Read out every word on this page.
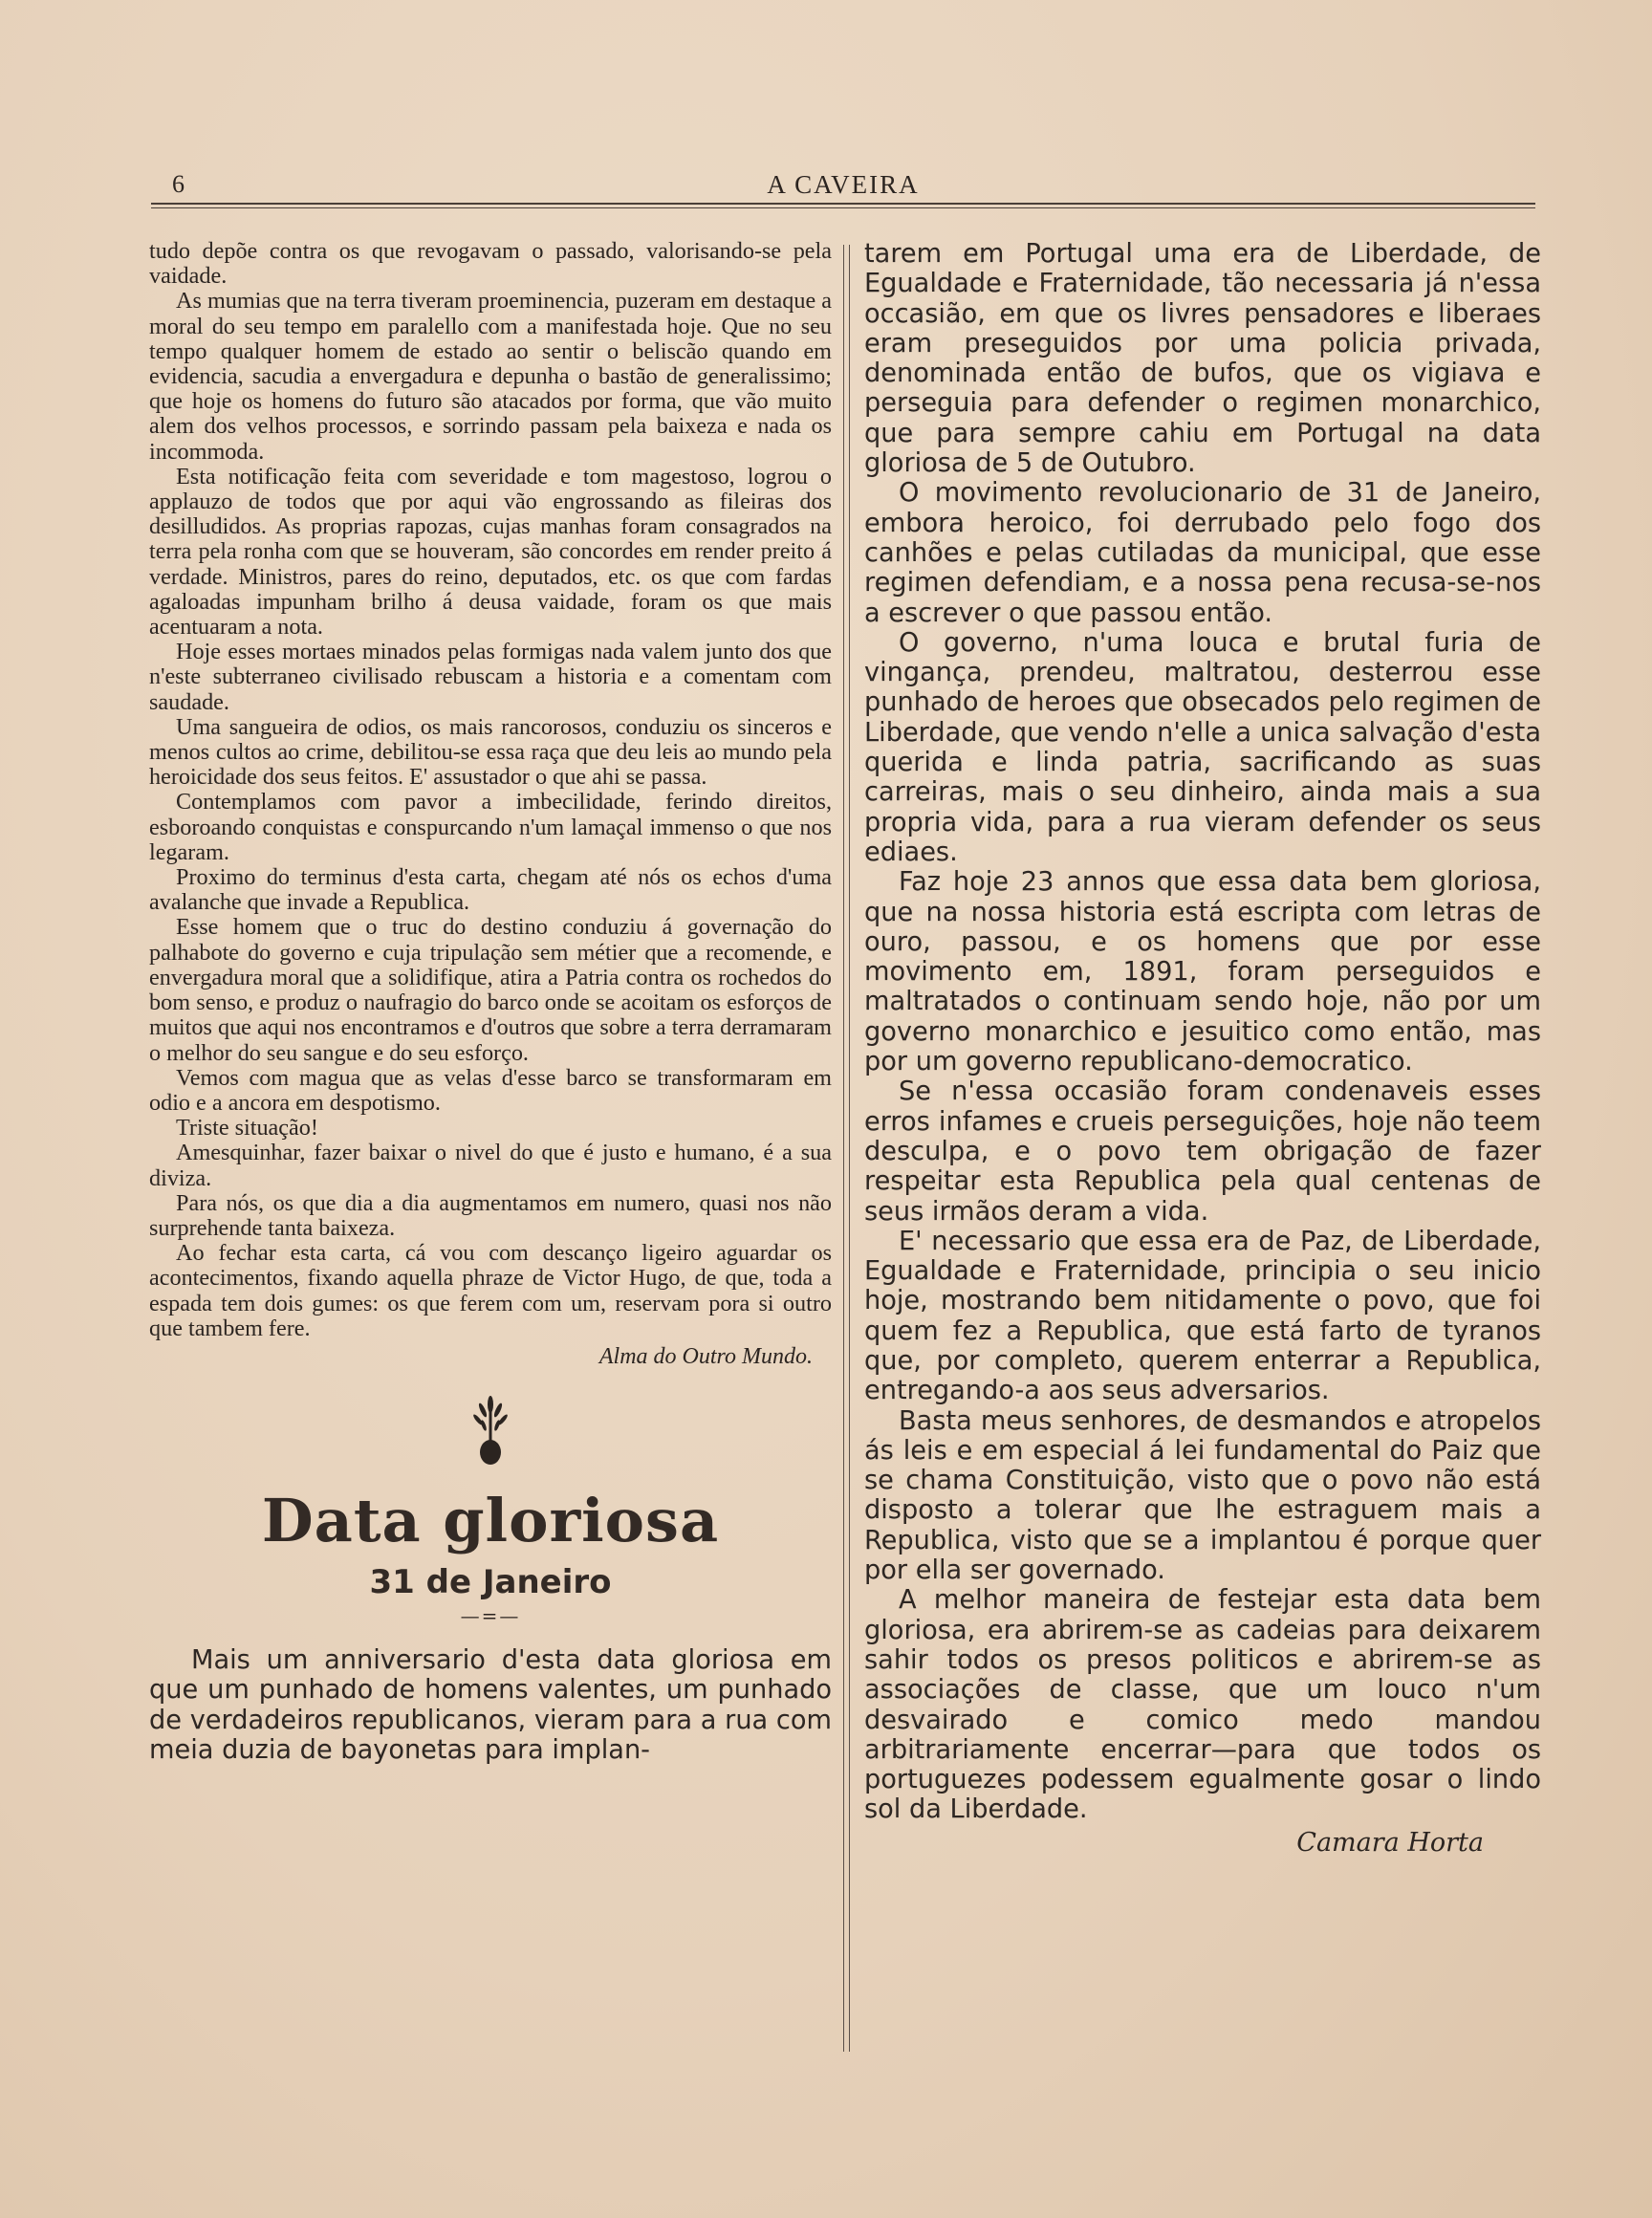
6	A CAVEIRA

tudo depõe contra os que revogavam o passado, valorisando-se pela vaidade.

As mumias que na terra tiveram proeminencia, puzeram em destaque a moral do seu tempo em paralello com a manifestada hoje. Que no seu tempo qualquer homem de estado ao sentir o beliscão quando em evidencia, sacudia a envergadura e depunha o bastão de generalissimo; que hoje os homens do futuro são atacados por forma, que vão muito alem dos velhos processos, e sorrindo passam pela baixeza e nada os incommoda.

Esta notificação feita com severidade e tom magestoso, logrou o applauzo de todos que por aqui vão engrossando as fileiras dos desilludidos. As proprias rapozas, cujas manhas foram consagrados na terra pela ronha com que se houveram, são concordes em render preito á verdade. Ministros, pares do reino, deputados, etc. os que com fardas agaloadas impunham brilho á deusa vaidade, foram os que mais acentuaram a nota.

Hoje esses mortaes minados pelas formigas nada valem junto dos que n'este subterraneo civilisado rebuscam a historia e a comentam com saudade.

Uma sangueira de odios, os mais rancorosos, conduziu os sinceros e menos cultos ao crime, debilitou-se essa raça que deu leis ao mundo pela heroicidade dos seus feitos. E' assustador o que ahi se passa.

Contemplamos com pavor a imbecilidade, ferindo direitos, esboroando conquistas e conspurcando n'um lamaçal immenso o que nos legaram.

Proximo do terminus d'esta carta, chegam até nós os echos d'uma avalanche que invade a Republica.

Esse homem que o truc do destino conduziu á governação do palhabote do governo e cuja tripulação sem métier que a recomende, e envergadura moral que a solidifique, atira a Patria contra os rochedos do bom senso, e produz o naufragio do barco onde se acoitam os esforços de muitos que aqui nos encontramos e d'outros que sobre a terra derramaram o melhor do seu sangue e do seu esforço.

Vemos com magua que as velas d'esse barco se transformaram em odio e a ancora em despotismo.

Triste situação!

Amesquinhar, fazer baixar o nivel do que é justo e humano, é a sua diviza.

Para nós, os que dia a dia augmentamos em numero, quasi nos não surprehende tanta baixeza.

Ao fechar esta carta, cá vou com descanço ligeiro aguardar os acontecimentos, fixando aquella phraze de Victor Hugo, de que, toda a espada tem dois gumes: os que ferem com um, reservam pora si outro que tambem fere.

Alma do Outro Mundo.
Data gloriosa
31 de Janeiro
—=—

Mais um anniversario d'esta data gloriosa em que um punhado de homens valentes, um punhado de verdadeiros republicanos, vieram para a rua com meia duzia de bayonetas para implan-

tarem em Portugal uma era de Liberdade, de Egualdade e Fraternidade, tão necessaria já n'essa occasião, em que os livres pensadores e liberaes eram preseguidos por uma policia privada, denominada então de bufos, que os vigiava e perseguia para defender o regimen monarchico, que para sempre cahiu em Portugal na data gloriosa de 5 de Outubro.

O movimento revolucionario de 31 de Janeiro, embora heroico, foi derrubado pelo fogo dos canhões e pelas cutiladas da municipal, que esse regimen defendiam, e a nossa pena recusa-se-nos a escrever o que passou então.

O governo, n'uma louca e brutal furia de vingança, prendeu, maltratou, desterrou esse punhado de heroes que obsecados pelo regimen de Liberdade, que vendo n'elle a unica salvação d'esta querida e linda patria, sacrificando as suas carreiras, mais o seu dinheiro, ainda mais a sua propria vida, para a rua vieram defender os seus ediaes.

Faz hoje 23 annos que essa data bem gloriosa, que na nossa historia está escripta com letras de ouro, passou, e os homens que por esse movimento em, 1891, foram perseguidos e maltratados o continuam sendo hoje, não por um governo monarchico e jesuitico como então, mas por um governo republicano-democratico.

Se n'essa occasião foram condenaveis esses erros infames e crueis perseguições, hoje não teem desculpa, e o povo tem obrigação de fazer respeitar esta Republica pela qual centenas de seus irmãos deram a vida.

E' necessario que essa era de Paz, de Liberdade, Egualdade e Fraternidade, principia o seu inicio hoje, mostrando bem nitidamente o povo, que foi quem fez a Republica, que está farto de tyranos que, por completo, querem enterrar a Republica, entregando-a aos seus adversarios.

Basta meus senhores, de desmandos e atropelos ás leis e em especial á lei fundamental do Paiz que se chama Constituição, visto que o povo não está disposto a tolerar que lhe estraguem mais a Republica, visto que se a implantou é porque quer por ella ser governado.

A melhor maneira de festejar esta data bem gloriosa, era abrirem-se as cadeias para deixarem sahir todos os presos politicos e abrirem-se as associações de classe, que um louco n'um desvairado e comico medo mandou arbitrariamente encerrar—para que todos os portuguezes podessem egualmente gosar o lindo sol da Liberdade.

Camara Horta
